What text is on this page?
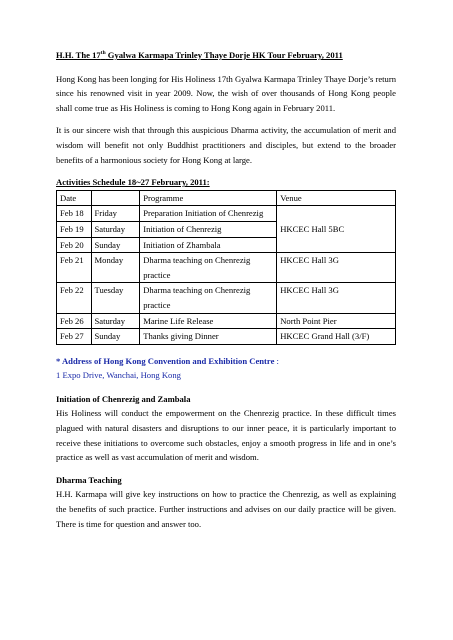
H.H. The 17th Gyalwa Karmapa Trinley Thaye Dorje HK Tour February, 2011

Hong Kong has been longing for His Holiness 17th Gyalwa Karmapa Trinley Thaye Dorje’s return since his renowned visit in year 2009. Now, the wish of over thousands of Hong Kong people shall come true as His Holiness is coming to Hong Kong again in February 2011.

It is our sincere wish that through this auspicious Dharma activity, the accumulation of merit and wisdom will benefit not only Buddhist practitioners and disciples, but extend to the broader benefits of a harmonious society for Hong Kong at large.

Activities Schedule 18~27 February, 2011:
Date		Programme	Venue
Feb 18	Friday	Preparation Initiation of Chenrezig	HKCEC Hall 5BC
Feb 19	Saturday	Initiation of Chenrezig	
Feb 20	Sunday	Initiation of Zhambala	
Feb 21	Monday	Dharma teaching on Chenrezig practice	HKCEC Hall 3G
Feb 22	Tuesday	Dharma teaching on Chenrezig practice	HKCEC Hall 3G
Feb 26	Saturday	Marine Life Release	North Point Pier
Feb 27	Sunday	Thanks giving Dinner	HKCEC Grand Hall (3/F)
* Address of Hong Kong Convention and Exhibition Centre :
1 Expo Drive, Wanchai, Hong Kong
Initiation of Chenrezig and Zambala

His Holiness will conduct the empowerment on the Chenrezig practice. In these difficult times plagued with natural disasters and disruptions to our inner peace, it is particularly important to receive these initiations to overcome such obstacles, enjoy a smooth progress in life and in one’s practice as well as vast accumulation of merit and wisdom.

Dharma Teaching

H.H. Karmapa will give key instructions on how to practice the Chenrezig, as well as explaining the benefits of such practice. Further instructions and advises on our daily practice will be given. There is time for question and answer too.
